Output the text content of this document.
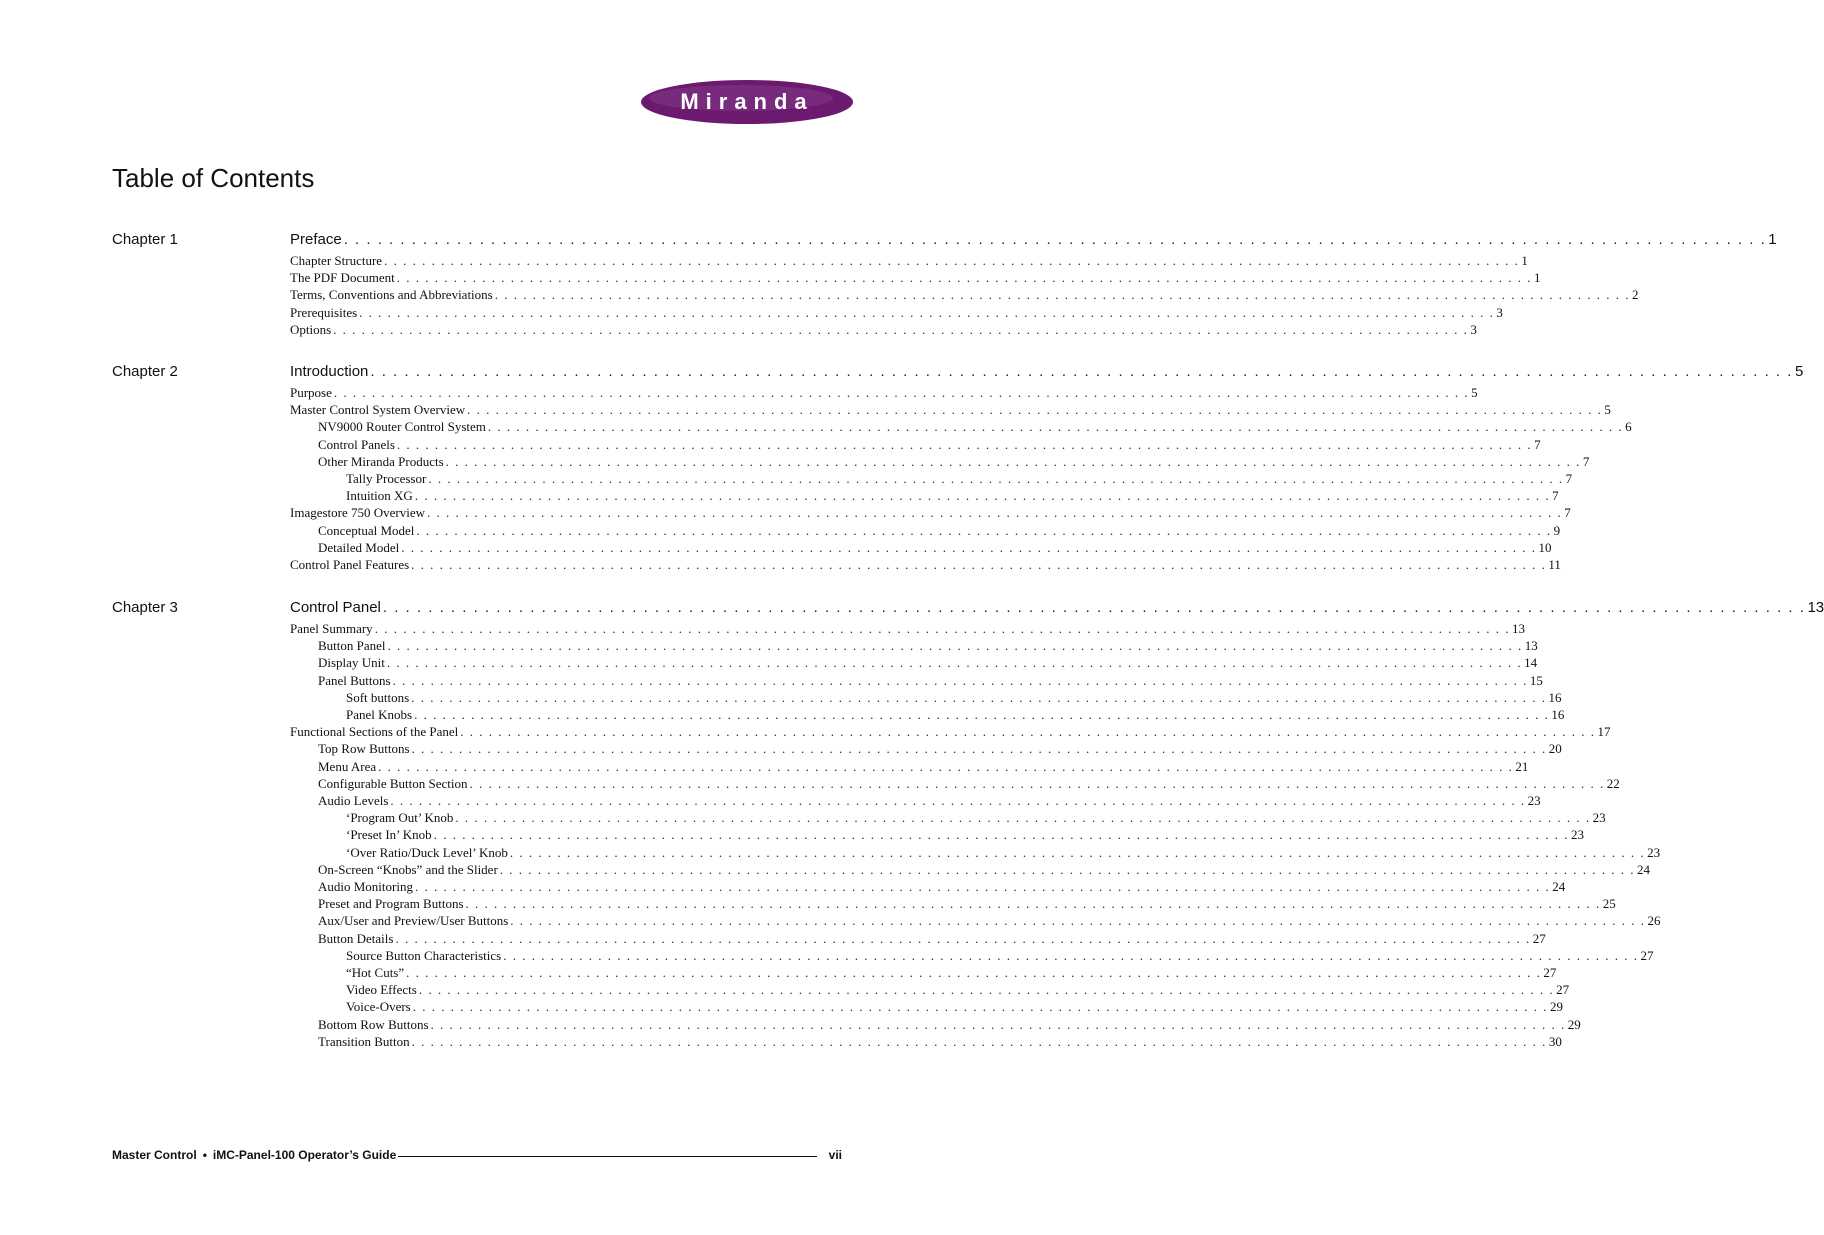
Miranda
Table of Contents
Chapter 1	Preface . . . . . . . . . . . . . . . . . . . . . . . . . . . . . . . . . . . . . . . . . . . . . . . . . . . . . . . . . . . . . . . . . . . . . . . . . . . . . . . . . . . . . . . . . . . . . . . . . . . . . . . . . . . . . . . . . . . . . . . . . . . . . . 1
Chapter Structure . . . . . . . . . . . . . . . . . . . . . . . . . . . . . . . . . . . . . . . . . . . . . . . . . . . . . . . . . . . . . . . . . . . . . . . . . . . . . . . . . . . . . . . . . . . . . . . . . . . . . . . . . . . . . . . . . . . . . . . . 1
The PDF Document . . . . . . . . . . . . . . . . . . . . . . . . . . . . . . . . . . . . . . . . . . . . . . . . . . . . . . . . . . . . . . . . . . . . . . . . . . . . . . . . . . . . . . . . . . . . . . . . . . . . . . . . . . . . . . . . . . . . . . . . 1
Terms, Conventions and Abbreviations . . . . . . . . . . . . . . . . . . . . . . . . . . . . . . . . . . . . . . . . . . . . . . . . . . . . . . . . . . . . . . . . . . . . . . . . . . . . . . . . . . . . . . . . . . . . . . . . . . . . . . . . . . . . . . . . . . . . . . . . 2
Prerequisites . . . . . . . . . . . . . . . . . . . . . . . . . . . . . . . . . . . . . . . . . . . . . . . . . . . . . . . . . . . . . . . . . . . . . . . . . . . . . . . . . . . . . . . . . . . . . . . . . . . . . . . . . . . . . . . . . . . . . . . . 3
Options . . . . . . . . . . . . . . . . . . . . . . . . . . . . . . . . . . . . . . . . . . . . . . . . . . . . . . . . . . . . . . . . . . . . . . . . . . . . . . . . . . . . . . . . . . . . . . . . . . . . . . . . . . . . . . . . . . . . . . . . 3
Chapter 2	Introduction . . . . . . . . . . . . . . . . . . . . . . . . . . . . . . . . . . . . . . . . . . . . . . . . . . . . . . . . . . . . . . . . . . . . . . . . . . . . . . . . . . . . . . . . . . . . . . . . . . . . . . . . . . . . . . . . . . . . . . . . . . . . . . 5
Purpose . . . . . . . . . . . . . . . . . . . . . . . . . . . . . . . . . . . . . . . . . . . . . . . . . . . . . . . . . . . . . . . . . . . . . . . . . . . . . . . . . . . . . . . . . . . . . . . . . . . . . . . . . . . . . . . . . . . . . . . . 5
Master Control System Overview . . . . . . . . . . . . . . . . . . . . . . . . . . . . . . . . . . . . . . . . . . . . . . . . . . . . . . . . . . . . . . . . . . . . . . . . . . . . . . . . . . . . . . . . . . . . . . . . . . . . . . . . . . . . . . . . . . . . . . . . 5
NV9000 Router Control System . . . . . . . . . . . . . . . . . . . . . . . . . . . . . . . . . . . . . . . . . . . . . . . . . . . . . . . . . . . . . . . . . . . . . . . . . . . . . . . . . . . . . . . . . . . . . . . . . . . . . . . . . . . . . . . . . . . . . . . . 6
Control Panels . . . . . . . . . . . . . . . . . . . . . . . . . . . . . . . . . . . . . . . . . . . . . . . . . . . . . . . . . . . . . . . . . . . . . . . . . . . . . . . . . . . . . . . . . . . . . . . . . . . . . . . . . . . . . . . . . . . . . . . . 7
Other Miranda Products . . . . . . . . . . . . . . . . . . . . . . . . . . . . . . . . . . . . . . . . . . . . . . . . . . . . . . . . . . . . . . . . . . . . . . . . . . . . . . . . . . . . . . . . . . . . . . . . . . . . . . . . . . . . . . . . . . . . . . . . 7
Tally Processor . . . . . . . . . . . . . . . . . . . . . . . . . . . . . . . . . . . . . . . . . . . . . . . . . . . . . . . . . . . . . . . . . . . . . . . . . . . . . . . . . . . . . . . . . . . . . . . . . . . . . . . . . . . . . . . . . . . . . . . . 7
Intuition XG . . . . . . . . . . . . . . . . . . . . . . . . . . . . . . . . . . . . . . . . . . . . . . . . . . . . . . . . . . . . . . . . . . . . . . . . . . . . . . . . . . . . . . . . . . . . . . . . . . . . . . . . . . . . . . . . . . . . . . . . 7
Imagestore 750 Overview . . . . . . . . . . . . . . . . . . . . . . . . . . . . . . . . . . . . . . . . . . . . . . . . . . . . . . . . . . . . . . . . . . . . . . . . . . . . . . . . . . . . . . . . . . . . . . . . . . . . . . . . . . . . . . . . . . . . . . . . 7
Conceptual Model . . . . . . . . . . . . . . . . . . . . . . . . . . . . . . . . . . . . . . . . . . . . . . . . . . . . . . . . . . . . . . . . . . . . . . . . . . . . . . . . . . . . . . . . . . . . . . . . . . . . . . . . . . . . . . . . . . . . . . . . 9
Detailed Model . . . . . . . . . . . . . . . . . . . . . . . . . . . . . . . . . . . . . . . . . . . . . . . . . . . . . . . . . . . . . . . . . . . . . . . . . . . . . . . . . . . . . . . . . . . . . . . . . . . . . . . . . . . . . . . . . . . . . . . . 10
Control Panel Features . . . . . . . . . . . . . . . . . . . . . . . . . . . . . . . . . . . . . . . . . . . . . . . . . . . . . . . . . . . . . . . . . . . . . . . . . . . . . . . . . . . . . . . . . . . . . . . . . . . . . . . . . . . . . . . . . . . . . . . . 11
Chapter 3	Control Panel . . . . . . . . . . . . . . . . . . . . . . . . . . . . . . . . . . . . . . . . . . . . . . . . . . . . . . . . . . . . . . . . . . . . . . . . . . . . . . . . . . . . . . . . . . . . . . . . . . . . . . . . . . . . . . . . . . . . . . . . . . . . . . 13
Panel Summary . . . . . . . . . . . . . . . . . . . . . . . . . . . . . . . . . . . . . . . . . . . . . . . . . . . . . . . . . . . . . . . . . . . . . . . . . . . . . . . . . . . . . . . . . . . . . . . . . . . . . . . . . . . . . . . . . . . . . . . . 13
Button Panel . . . . . . . . . . . . . . . . . . . . . . . . . . . . . . . . . . . . . . . . . . . . . . . . . . . . . . . . . . . . . . . . . . . . . . . . . . . . . . . . . . . . . . . . . . . . . . . . . . . . . . . . . . . . . . . . . . . . . . . . 13
Display Unit . . . . . . . . . . . . . . . . . . . . . . . . . . . . . . . . . . . . . . . . . . . . . . . . . . . . . . . . . . . . . . . . . . . . . . . . . . . . . . . . . . . . . . . . . . . . . . . . . . . . . . . . . . . . . . . . . . . . . . . . 14
Panel Buttons . . . . . . . . . . . . . . . . . . . . . . . . . . . . . . . . . . . . . . . . . . . . . . . . . . . . . . . . . . . . . . . . . . . . . . . . . . . . . . . . . . . . . . . . . . . . . . . . . . . . . . . . . . . . . . . . . . . . . . . . 15
Soft buttons . . . . . . . . . . . . . . . . . . . . . . . . . . . . . . . . . . . . . . . . . . . . . . . . . . . . . . . . . . . . . . . . . . . . . . . . . . . . . . . . . . . . . . . . . . . . . . . . . . . . . . . . . . . . . . . . . . . . . . . . 16
Panel Knobs . . . . . . . . . . . . . . . . . . . . . . . . . . . . . . . . . . . . . . . . . . . . . . . . . . . . . . . . . . . . . . . . . . . . . . . . . . . . . . . . . . . . . . . . . . . . . . . . . . . . . . . . . . . . . . . . . . . . . . . . 16
Functional Sections of the Panel . . . . . . . . . . . . . . . . . . . . . . . . . . . . . . . . . . . . . . . . . . . . . . . . . . . . . . . . . . . . . . . . . . . . . . . . . . . . . . . . . . . . . . . . . . . . . . . . . . . . . . . . . . . . . . . . . . . . . . . . 17
Top Row Buttons . . . . . . . . . . . . . . . . . . . . . . . . . . . . . . . . . . . . . . . . . . . . . . . . . . . . . . . . . . . . . . . . . . . . . . . . . . . . . . . . . . . . . . . . . . . . . . . . . . . . . . . . . . . . . . . . . . . . . . . . 20
Menu Area . . . . . . . . . . . . . . . . . . . . . . . . . . . . . . . . . . . . . . . . . . . . . . . . . . . . . . . . . . . . . . . . . . . . . . . . . . . . . . . . . . . . . . . . . . . . . . . . . . . . . . . . . . . . . . . . . . . . . . . . 21
Configurable Button Section . . . . . . . . . . . . . . . . . . . . . . . . . . . . . . . . . . . . . . . . . . . . . . . . . . . . . . . . . . . . . . . . . . . . . . . . . . . . . . . . . . . . . . . . . . . . . . . . . . . . . . . . . . . . . . . . . . . . . . . . 22
Audio Levels . . . . . . . . . . . . . . . . . . . . . . . . . . . . . . . . . . . . . . . . . . . . . . . . . . . . . . . . . . . . . . . . . . . . . . . . . . . . . . . . . . . . . . . . . . . . . . . . . . . . . . . . . . . . . . . . . . . . . . . . 23
‘Program Out’ Knob . . . . . . . . . . . . . . . . . . . . . . . . . . . . . . . . . . . . . . . . . . . . . . . . . . . . . . . . . . . . . . . . . . . . . . . . . . . . . . . . . . . . . . . . . . . . . . . . . . . . . . . . . . . . . . . . . . . . . . . . 23
‘Preset In’ Knob . . . . . . . . . . . . . . . . . . . . . . . . . . . . . . . . . . . . . . . . . . . . . . . . . . . . . . . . . . . . . . . . . . . . . . . . . . . . . . . . . . . . . . . . . . . . . . . . . . . . . . . . . . . . . . . . . . . . . . . . 23
‘Over Ratio/Duck Level’ Knob . . . . . . . . . . . . . . . . . . . . . . . . . . . . . . . . . . . . . . . . . . . . . . . . . . . . . . . . . . . . . . . . . . . . . . . . . . . . . . . . . . . . . . . . . . . . . . . . . . . . . . . . . . . . . . . . . . . . . . . . 23
On-Screen “Knobs” and the Slider . . . . . . . . . . . . . . . . . . . . . . . . . . . . . . . . . . . . . . . . . . . . . . . . . . . . . . . . . . . . . . . . . . . . . . . . . . . . . . . . . . . . . . . . . . . . . . . . . . . . . . . . . . . . . . . . . . . . . . . . 24
Audio Monitoring . . . . . . . . . . . . . . . . . . . . . . . . . . . . . . . . . . . . . . . . . . . . . . . . . . . . . . . . . . . . . . . . . . . . . . . . . . . . . . . . . . . . . . . . . . . . . . . . . . . . . . . . . . . . . . . . . . . . . . . . 24
Preset and Program Buttons . . . . . . . . . . . . . . . . . . . . . . . . . . . . . . . . . . . . . . . . . . . . . . . . . . . . . . . . . . . . . . . . . . . . . . . . . . . . . . . . . . . . . . . . . . . . . . . . . . . . . . . . . . . . . . . . . . . . . . . . 25
Aux/User and Preview/User Buttons . . . . . . . . . . . . . . . . . . . . . . . . . . . . . . . . . . . . . . . . . . . . . . . . . . . . . . . . . . . . . . . . . . . . . . . . . . . . . . . . . . . . . . . . . . . . . . . . . . . . . . . . . . . . . . . . . . . . . . . . 26
Button Details . . . . . . . . . . . . . . . . . . . . . . . . . . . . . . . . . . . . . . . . . . . . . . . . . . . . . . . . . . . . . . . . . . . . . . . . . . . . . . . . . . . . . . . . . . . . . . . . . . . . . . . . . . . . . . . . . . . . . . . . 27
Source Button Characteristics . . . . . . . . . . . . . . . . . . . . . . . . . . . . . . . . . . . . . . . . . . . . . . . . . . . . . . . . . . . . . . . . . . . . . . . . . . . . . . . . . . . . . . . . . . . . . . . . . . . . . . . . . . . . . . . . . . . . . . . . 27
“Hot Cuts” . . . . . . . . . . . . . . . . . . . . . . . . . . . . . . . . . . . . . . . . . . . . . . . . . . . . . . . . . . . . . . . . . . . . . . . . . . . . . . . . . . . . . . . . . . . . . . . . . . . . . . . . . . . . . . . . . . . . . . . . 27
Video Effects . . . . . . . . . . . . . . . . . . . . . . . . . . . . . . . . . . . . . . . . . . . . . . . . . . . . . . . . . . . . . . . . . . . . . . . . . . . . . . . . . . . . . . . . . . . . . . . . . . . . . . . . . . . . . . . . . . . . . . . . 27
Voice-Overs . . . . . . . . . . . . . . . . . . . . . . . . . . . . . . . . . . . . . . . . . . . . . . . . . . . . . . . . . . . . . . . . . . . . . . . . . . . . . . . . . . . . . . . . . . . . . . . . . . . . . . . . . . . . . . . . . . . . . . . . 29
Bottom Row Buttons . . . . . . . . . . . . . . . . . . . . . . . . . . . . . . . . . . . . . . . . . . . . . . . . . . . . . . . . . . . . . . . . . . . . . . . . . . . . . . . . . . . . . . . . . . . . . . . . . . . . . . . . . . . . . . . . . . . . . . . . 29
Transition Button . . . . . . . . . . . . . . . . . . . . . . . . . . . . . . . . . . . . . . . . . . . . . . . . . . . . . . . . . . . . . . . . . . . . . . . . . . . . . . . . . . . . . . . . . . . . . . . . . . . . . . . . . . . . . . . . . . . . . . . . 30
Master Control • iMC-Panel-100 Operator’s Guide	vii
